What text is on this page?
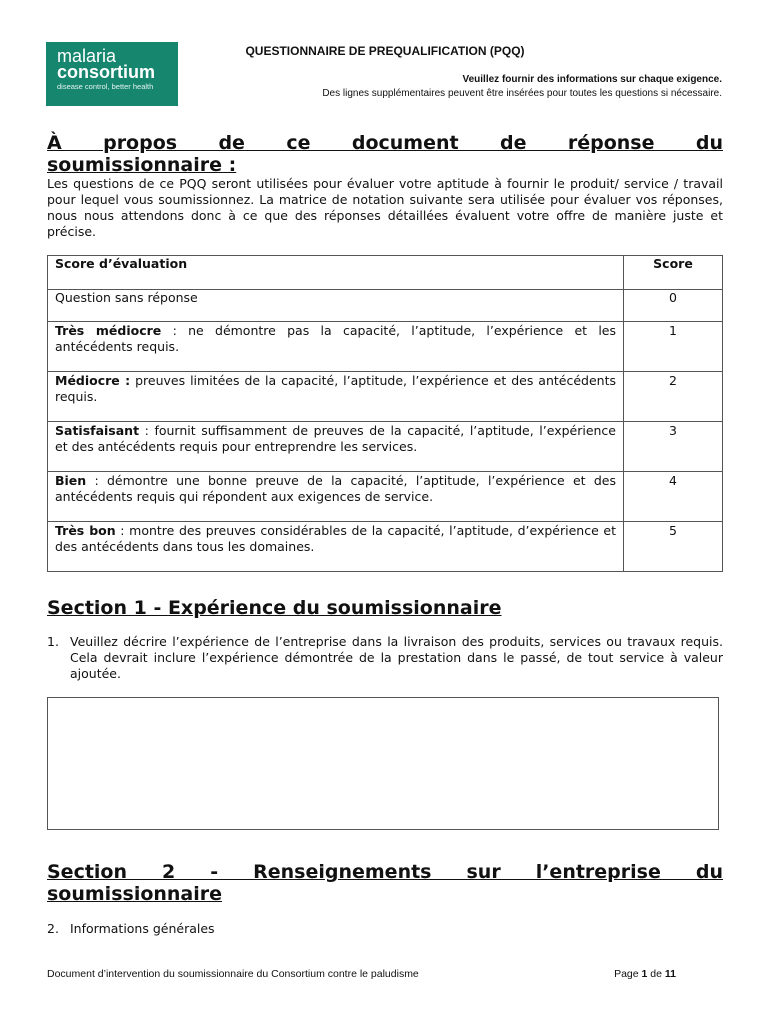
malaria
consortium
disease control, better health
QUESTIONNAIRE DE PREQUALIFICATION (PQQ)
Veuillez fournir des informations sur chaque exigence.
Des lignes supplémentaires peuvent être insérées pour toutes les questions si nécessaire.
À propos de ce document de réponse du
soumissionnaire :
Les questions de ce PQQ seront utilisées pour évaluer votre aptitude à fournir le produit/ service / travail pour lequel vous soumissionnez. La matrice de notation suivante sera utilisée pour évaluer vos réponses, nous nous attendons donc à ce que des réponses détaillées évaluent votre offre de manière juste et précise.
Score d’évaluation	Score
Question sans réponse	0
Très médiocre : ne démontre pas la capacité, l’aptitude, l’expérience et les antécédents requis.	1
Médiocre : preuves limitées de la capacité, l’aptitude, l’expérience et des antécédents requis.	2
Satisfaisant : fournit suffisamment de preuves de la capacité, l’aptitude, l’expérience et des antécédents requis pour entreprendre les services.	3
Bien : démontre une bonne preuve de la capacité, l’aptitude, l’expérience et des antécédents requis qui répondent aux exigences de service.	4
Très bon : montre des preuves considérables de la capacité, l’aptitude, d’expérience et des antécédents dans tous les domaines.	5
Section 1 - Expérience du soumissionnaire
1. Veuillez décrire l’expérience de l’entreprise dans la livraison des produits, services ou travaux requis. Cela devrait inclure l’expérience démontrée de la prestation dans le passé, de tout service à valeur ajoutée.
Section 2 - Renseignements sur l’entreprise du
soumissionnaire
2. Informations générales
Document d’intervention du soumissionnaire du Consortium contre le paludisme	Page 1 de 11
